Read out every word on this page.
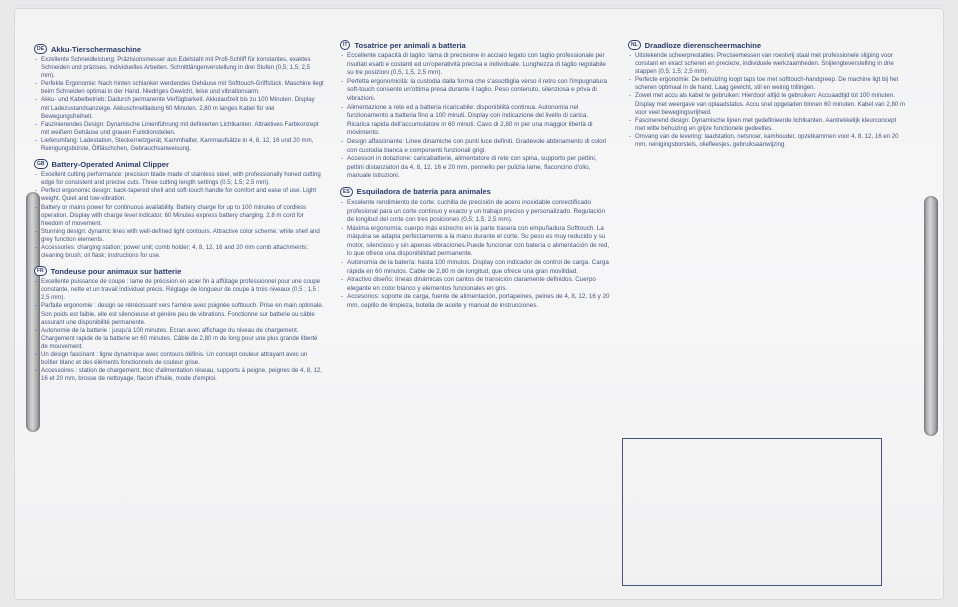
DE Akku-Tierschermaschine
- Exzellente Schneidleistung: Präzisionsmesser aus Edelstahl mit Profi-Schliff für konstantes, exaktes Schneiden und präzises, individuelles Arbeiten. Schnittlängenverstellung in drei Stufen (0,5; 1,5; 2,5 mm).
- Perfekte Ergonomie: Nach hinten schlanker werdendes Gehäuse mit Softtouch-Griffstück. Maschine liegt beim Schneiden optimal in der Hand. Niedriges Gewicht, leise und vibrationsarm.
- Akku- und Kabelbetrieb: Dadurch permanente Verfügbarkeit. Akkulaufzeit bis zu 100 Minuten. Display mit Ladezustandsanzeige. Akkuschnellladung 60 Minuten. 2,80 m langes Kabel für viel Bewegungsfreiheit.
- Faszinierendes Design: Dynamische Linienführung mit definierten Lichtkanten. Attraktives Farbkonzept mit weißem Gehäuse und grauen Funktionsteilen.
- Lieferumfang: Ladestation, Steckernetzgerät, Kammhalter, Kammaufsätze in 4, 8, 12, 16 und 20 mm, Reinigungsbürste, Ölfläschchen, Gebrauchsanweisung.
GB Battery-Operated Animal Clipper
- Excellent cutting performance: precision blade made of stainless steel, with professionally honed cutting edge for consistent and precise cuts. Three cutting length settings (0.5; 1.5; 2.5 mm).
- Perfect ergonomic design: back-tapered shell and soft-touch handle for comfort and ease of use. Light weight. Quiet and low-vibration.
- Battery or mains power for continuous availability. Battery charge for up to 100 minutes of cordless operation. Display with charge level indicator. 60 Minutes express battery charging. 2.8 m cord for freedom of movement.
- Stunning design: dynamic lines with well-defined light contours. Attractive color scheme: white shell and grey function elements.
- Accessories: charging station; power unit; comb holder; 4, 8, 12, 16 and 20 mm comb attachments; cleaning brush; oil flask; instructions for use.
FR Tondeuse pour animaux sur batterie
- Excellente puissance de coupe : lame de précision en acier fin à affûtage professionnel pour une coupe constante, nette et un travail individuel précis. Réglage de longueur de coupe à trois niveaux (0,5 ; 1,5 ; 2,5 mm).
- Parfaite ergonomie : design se rétrécissant vers l'arrière avec poignée softtouch. Prise en main optimale. Son poids est faible, elle est silencieuse et génère peu de vibrations. Fonctionne sur batterie ou câble assurant une disponibilité permanente.
- Autonomie de la batterie : jusqu'à 100 minutes. Ecran avec affichage du niveau de chargement. Chargement rapide de la batterie en 60 minutes. Câble de 2,80 m de long pour une plus grande liberté de mouvement.
- Un design fascinant : ligne dynamique avec contours définis. Un concept couleur attrayant avec un boîtier blanc et des éléments fonctionnels de couleur grise.
- Accessoires : station de chargement, bloc d'alimentation réseau, supports à peigne, peignes de 4, 8, 12, 16 et 20 mm, brosse de nettoyage, flacon d'huile, mode d'emploi.
IT Tosatrice per animali a batteria
- Eccellente capacità di taglio: lama di precisione in acciaio legato con taglio professionale per risultati esatti e costanti ed un'operatività precisa e individuale. Lunghezza di taglio regolabile su tre posizioni (0,5, 1,5, 2,5 mm).
- Perfetta ergonomicità: la custodia dalla forma che s'assottiglia verso il retro con l'impugnatura soft-touch consente un'ottima presa durante il taglio. Peso contenuto, silenziosa e priva di vibrazioni.
- Alimentazione a rete ed a batteria ricaricabile: disponibilità continua. Autonomia nel funzionamento a batteria fino a 100 minuti. Display con indicazione del livello di carica. Ricarica rapida dell'accumulatore in 60 minuti. Cavo di 2,80 m per una maggior libertà di movimento.
- Design affascinante: Linee dinamiche con punti luce definiti. Gradevole abbinamento di colori con custodia bianca e componenti funzionali grigi.
- Accessori in dotazione: caricabatterie, alimentatore di rete con spina, supporto per pettini, pettini distanziatori da 4, 8, 12, 16 e 20 mm, pennello per pulizia lame, flaconcino d'olio, manuale istruzioni.
ES Esquiladora de batería para animales
- Excelente rendimiento de corte: cuchilla de precisión de acero inoxidable conrectificado profesional para un corte continuo y exacto y un trabajo preciso y personalizado. Regulación de longitud del corte con tres posiciones (0,5; 1,5; 2,5 mm).
- Máxima ergonomía: cuerpo más estrecho en la parte trasera con empuñadura Softtouch. La máquina se adapta perfectamente a la mano durante el corte. Su peso es muy reducido y su motor, silencioso y sin apenas vibraciones.Puede funcionar con batería o alimentación de red, lo que ofrece una disponibilidad permanente.
- Autonomía de la batería: hasta 100 minutos. Display con indicador de control de carga. Carga rápida en 60 minutos. Cable de 2,80 m de longitud, que ofrece una gran movilidad.
- Atractivo diseño: líneas dinámicas con cantos de transición claramente definidos. Cuerpo elegante en color blanco y elementos funcionales en gris.
- Accesorios: soporte de carga, fuente de alimentación, portapeines, peines de 4, 8, 12, 16 y 20 mm, cepillo de limpieza, botella de aceite y manual de instrucciones.
NL Draadloze dierenscheermachine
- Uitstekende scheerprestaties: Precisiemessen van roestvrij staal met professionele slijping voor constant en exact scheren en precieze, individuele werkzaamheden. Snijlengteverstelling in drie stappen (0,5; 1,5; 2,5 mm).
- Perfecte ergonomie: De behuizing loopt taps toe met softtouch-handgreep. De machine ligt bij het scheren optimaal in de hand. Laag gewicht, stil en weinig trillingen.
- Zowel met accu als kabel te gebruiken: Hierdoor altijd te gebruiken: Accuaadtijd tot 100 minuten. Display met weergave van oplaadstatus. Accu snel opgeladen binnen 60 minuten. Kabel van 2,80 m voor veel bewegingsvrijheid.
- Fascinerend design: Dynamische lijnen met gedefinieerde lichtkanten. Aantrekkelijk kleurconcept met witte behuizing en grijze functionele gedeeltes.
- Omvang van de levering: laadstation, netsnoer, kamhouder, opzetkammen voor 4, 8, 12, 16 en 20 mm, reinigingsborstels, oliefleesjes, gebruiksaanwijzing.
